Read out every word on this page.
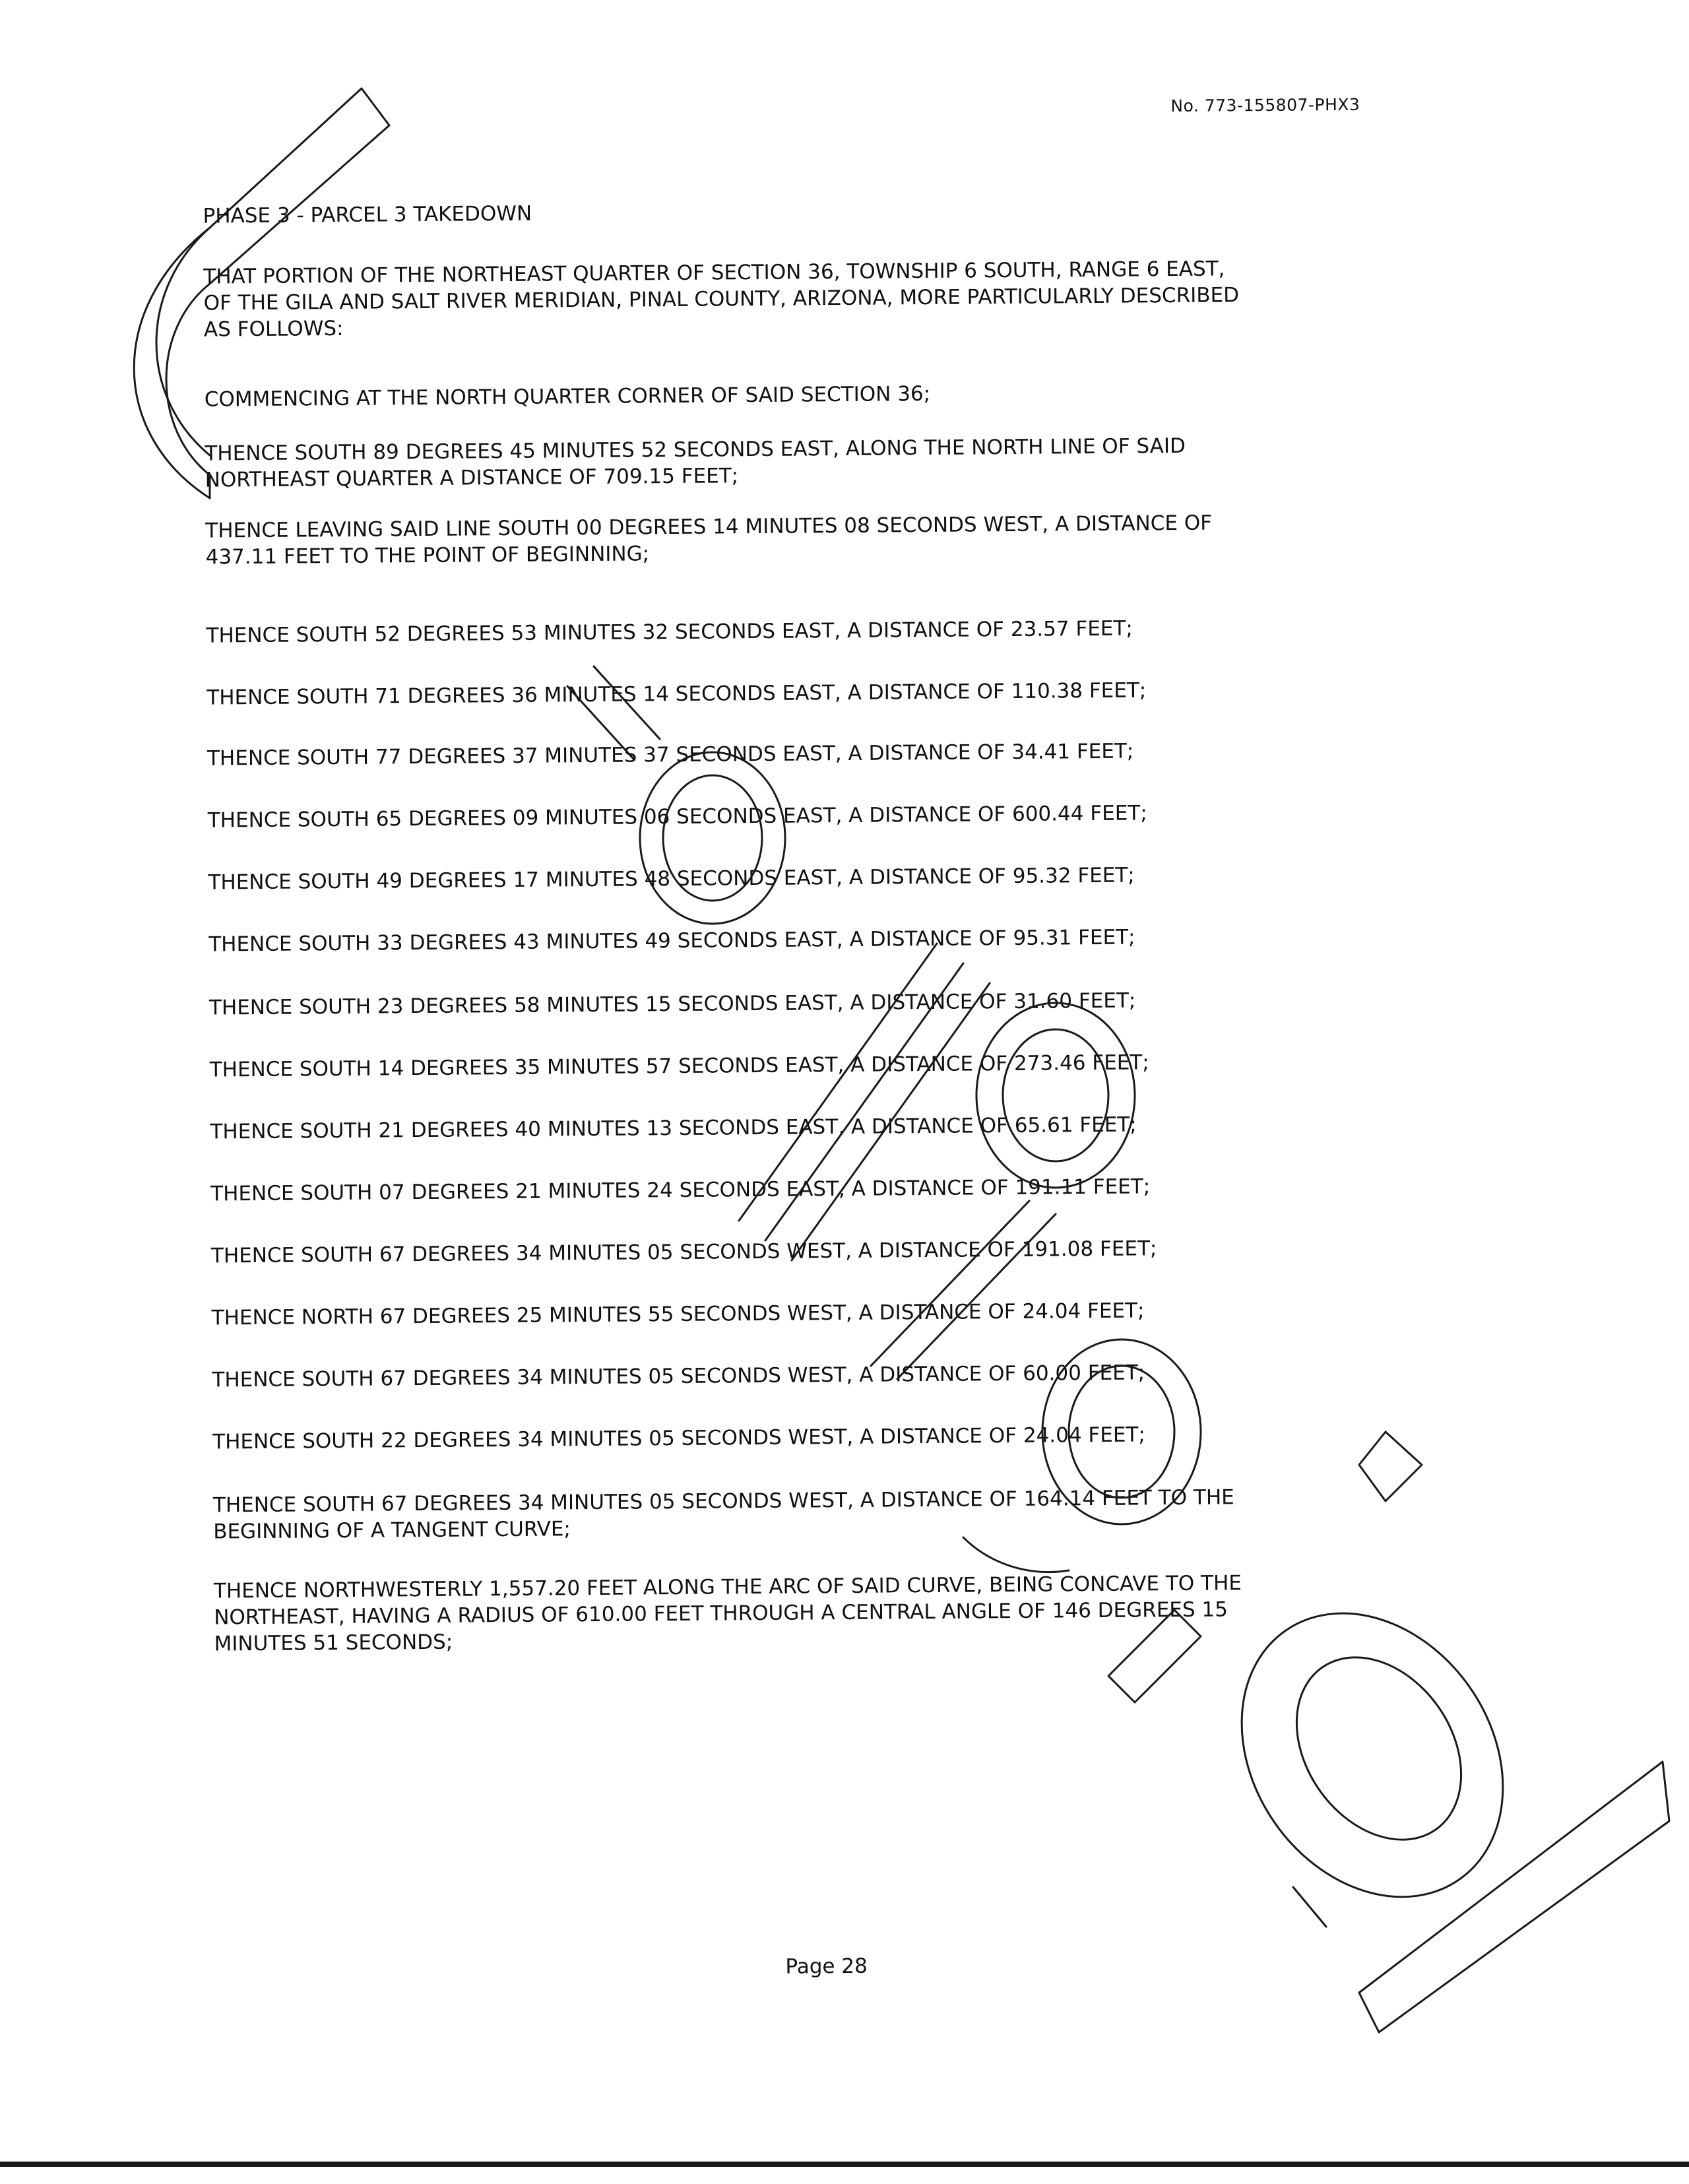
No. 773-155807-PHX3
PHASE 3 - PARCEL 3 TAKEDOWN
THAT PORTION OF THE NORTHEAST QUARTER OF SECTION 36, TOWNSHIP 6 SOUTH, RANGE 6 EAST,
OF THE GILA AND SALT RIVER MERIDIAN, PINAL COUNTY, ARIZONA, MORE PARTICULARLY DESCRIBED
AS FOLLOWS:
COMMENCING AT THE NORTH QUARTER CORNER OF SAID SECTION 36;
THENCE SOUTH 89 DEGREES 45 MINUTES 52 SECONDS EAST, ALONG THE NORTH LINE OF SAID
NORTHEAST QUARTER A DISTANCE OF 709.15 FEET;
THENCE LEAVING SAID LINE SOUTH 00 DEGREES 14 MINUTES 08 SECONDS WEST, A DISTANCE OF
437.11 FEET TO THE POINT OF BEGINNING;
THENCE SOUTH 52 DEGREES 53 MINUTES 32 SECONDS EAST, A DISTANCE OF 23.57 FEET;
THENCE SOUTH 71 DEGREES 36 MINUTES 14 SECONDS EAST, A DISTANCE OF 110.38 FEET;
THENCE SOUTH 77 DEGREES 37 MINUTES 37 SECONDS EAST, A DISTANCE OF 34.41 FEET;
THENCE SOUTH 65 DEGREES 09 MINUTES 06 SECONDS EAST, A DISTANCE OF 600.44 FEET;
THENCE SOUTH 49 DEGREES 17 MINUTES 48 SECONDS EAST, A DISTANCE OF 95.32 FEET;
THENCE SOUTH 33 DEGREES 43 MINUTES 49 SECONDS EAST, A DISTANCE OF 95.31 FEET;
THENCE SOUTH 23 DEGREES 58 MINUTES 15 SECONDS EAST, A DISTANCE OF 31.60 FEET;
THENCE SOUTH 14 DEGREES 35 MINUTES 57 SECONDS EAST, A DISTANCE OF 273.46 FEET;
THENCE SOUTH 21 DEGREES 40 MINUTES 13 SECONDS EAST, A DISTANCE OF 65.61 FEET;
THENCE SOUTH 07 DEGREES 21 MINUTES 24 SECONDS EAST, A DISTANCE OF 191.11 FEET;
THENCE SOUTH 67 DEGREES 34 MINUTES 05 SECONDS WEST, A DISTANCE OF 191.08 FEET;
THENCE NORTH 67 DEGREES 25 MINUTES 55 SECONDS WEST, A DISTANCE OF 24.04 FEET;
THENCE SOUTH 67 DEGREES 34 MINUTES 05 SECONDS WEST, A DISTANCE OF 60.00 FEET;
THENCE SOUTH 22 DEGREES 34 MINUTES 05 SECONDS WEST, A DISTANCE OF 24.04 FEET;
THENCE SOUTH 67 DEGREES 34 MINUTES 05 SECONDS WEST, A DISTANCE OF 164.14 FEET TO THE
BEGINNING OF A TANGENT CURVE;
THENCE NORTHWESTERLY 1,557.20 FEET ALONG THE ARC OF SAID CURVE, BEING CONCAVE TO THE
NORTHEAST, HAVING A RADIUS OF 610.00 FEET THROUGH A CENTRAL ANGLE OF 146 DEGREES 15
MINUTES 51 SECONDS;
Page 28
